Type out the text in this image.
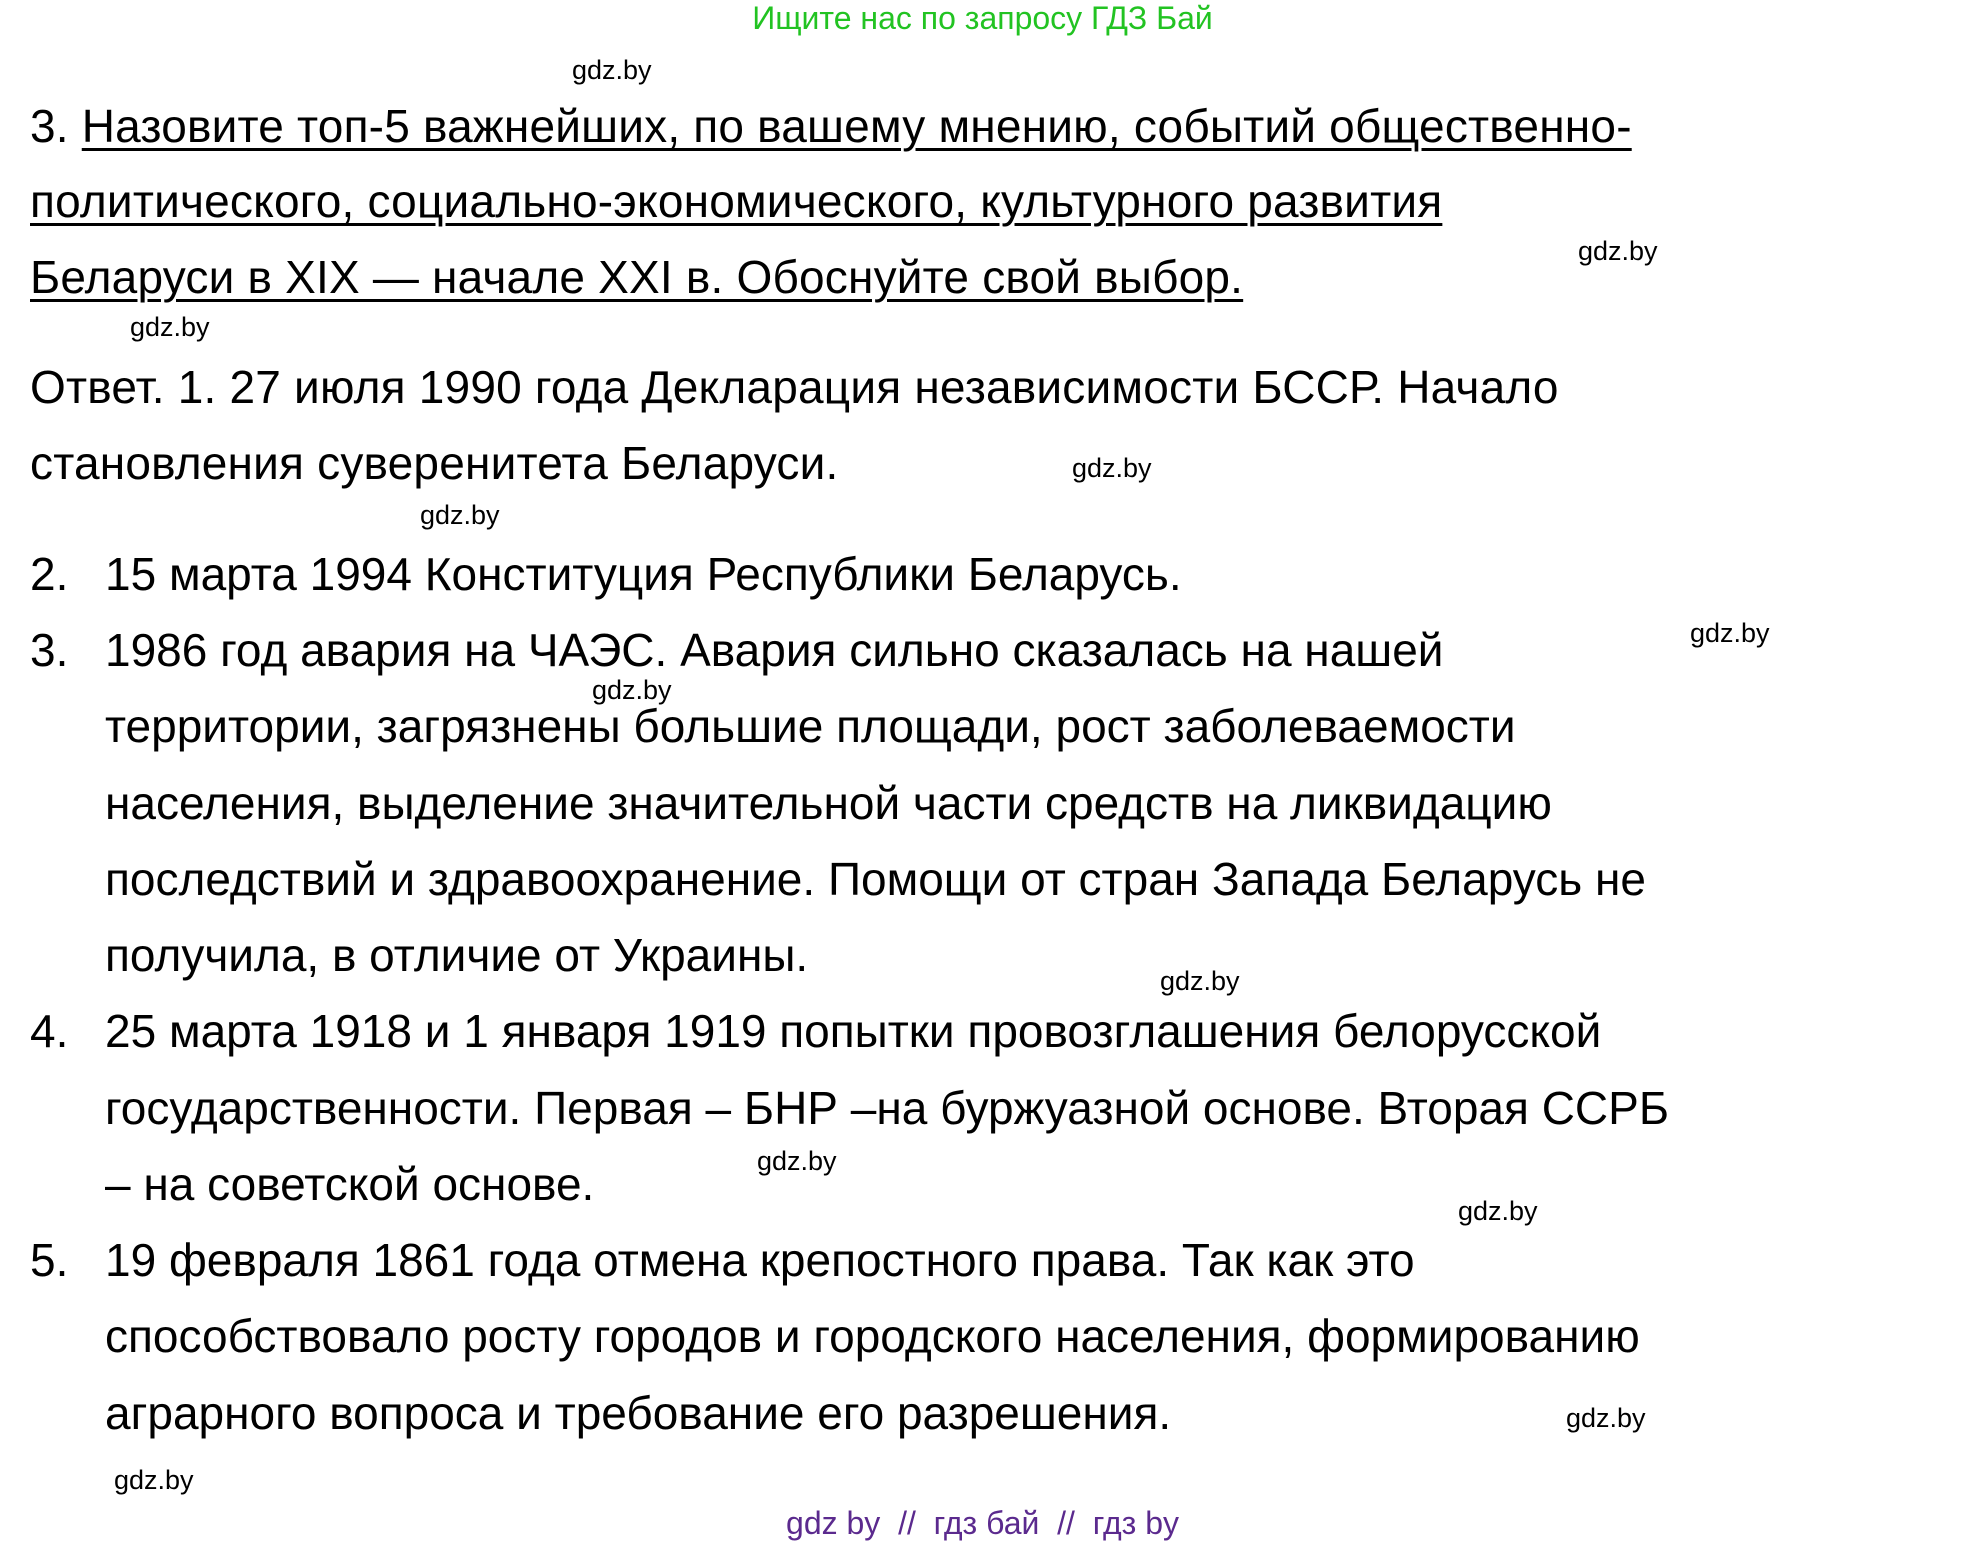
Ищите нас по запросу ГДЗ Бай
gdz.by
gdz.by
gdz.by
gdz.by
gdz.by
gdz.by
gdz.by
gdz.by
gdz.by
gdz.by
gdz.by
gdz.by
3. Назовите топ-5 важнейших, по вашему мнению, событий общественно-
политического, социально-экономического, культурного развития
Беларуси в XIX — начале XXI в. Обоснуйте свой выбор.
Ответ. 1. 27 июля 1990 года Декларация независимости БССР. Начало
становления суверенитета Беларуси.
2. 15 марта 1994 Конституция Республики Беларусь.
3. 1986 год авария на ЧАЭС. Авария сильно сказалась на нашей
территории, загрязнены большие площади, рост заболеваемости
населения, выделение значительной части средств на ликвидацию
последствий и здравоохранение. Помощи от стран Запада Беларусь не
получила, в отличие от Украины.
4. 25 марта 1918 и 1 января 1919 попытки провозглашения белорусской
государственности. Первая – БНР –на буржуазной основе. Вторая ССРБ
– на советской основе.
5. 19 февраля 1861 года отмена крепостного права. Так как это
способствовало росту городов и городского населения, формированию
аграрного вопроса и требование его разрешения.
gdz by  //  гдз бай  //  гдз by
